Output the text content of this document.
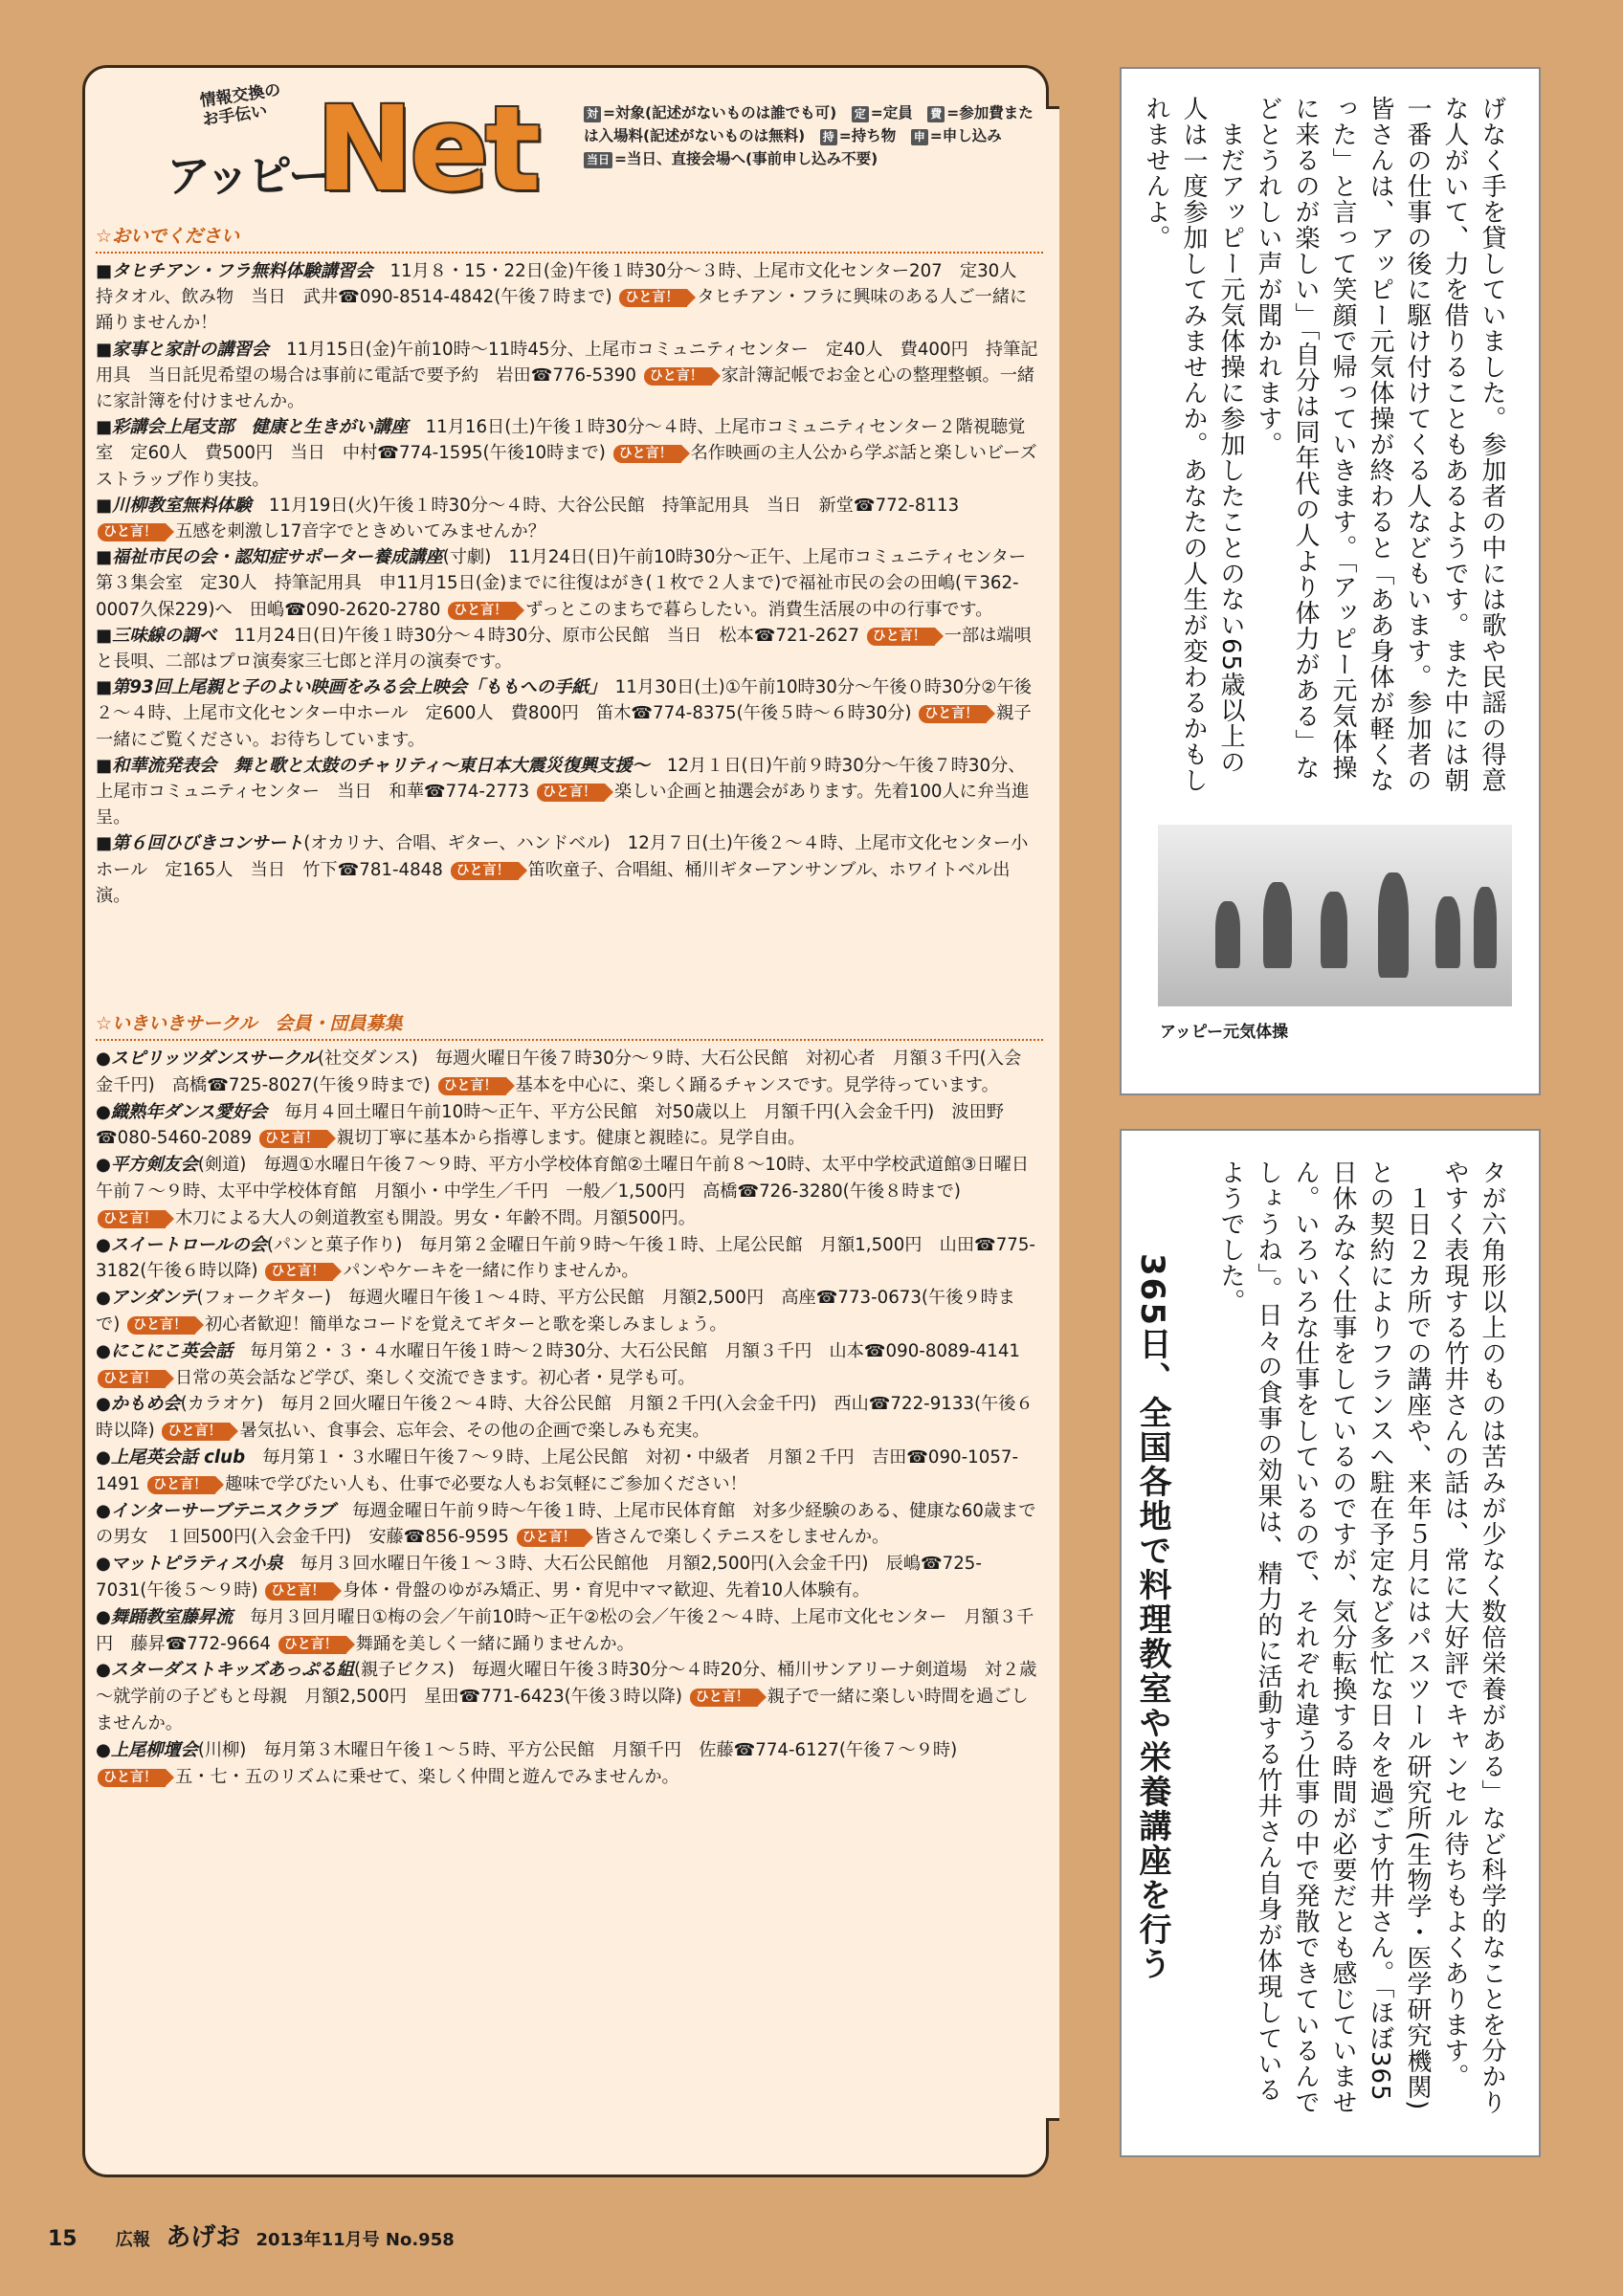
情報交換の
お手伝い
アッピー
Net	対 =対象(記述がないものは誰でも可)　 定 =定員　 費 =参加費または入場料(記述がないものは無料)　 持 =持ち物　 申 =申し込み　当日 =当日、直接会場へ(事前申し込み不要)　
☆おいでください

■タヒチアン・フラ無料体験講習会　11月８・15・22日(金)午後１時30分～３時、上尾市文化センター207　定30人　持タオル、飲み物　当日　武井☎090-8514-4842(午後７時まで) ひと言！ タヒチアン・フラに興味のある人ご一緒に踊りませんか！

■家事と家計の講習会　11月15日(金)午前10時～11時45分、上尾市コミュニティセンター　定40人　費400円　持筆記用具　当日託児希望の場合は事前に電話で要予約　岩田☎776-5390 ひと言！ 家計簿記帳でお金と心の整理整頓。一緒に家計簿を付けませんか。

■彩講会上尾支部　健康と生きがい講座　11月16日(土)午後１時30分～４時、上尾市コミュニティセンター２階視聴覚室　定60人　費500円　当日　中村☎774-1595(午後10時まで) ひと言！ 名作映画の主人公から学ぶ話と楽しいビーズストラップ作り実技。

■川柳教室無料体験　11月19日(火)午後１時30分～４時、大谷公民館　持筆記用具　当日　新堂☎772-8113 ひと言！ 五感を刺激し17音字でときめいてみませんか？

■福祉市民の会・認知症サポーター養成講座(寸劇)　11月24日(日)午前10時30分～正午、上尾市コミュニティセンター第３集会室　定30人　持筆記用具　申11月15日(金)までに往復はがき(１枚で２人まで)で福祉市民の会の田嶋(〒362-0007久保229)へ　田嶋☎090-2620-2780 ひと言！ ずっとこのまちで暮らしたい。消費生活展の中の行事です。

■三味線の調べ　11月24日(日)午後１時30分～４時30分、原市公民館　当日　松本☎721-2627 ひと言！ 一部は端唄と長唄、二部はプロ演奏家三七郎と洋月の演奏です。

■第93回上尾親と子のよい映画をみる会上映会「ももへの手紙」　11月30日(土)①午前10時30分～午後０時30分②午後２～４時、上尾市文化センター中ホール　定600人　費800円　笛木☎774-8375(午後５時～６時30分) ひと言！ 親子一緒にご覧ください。お待ちしています。

■和華流発表会　舞と歌と太鼓のチャリティ～東日本大震災復興支援～　12月１日(日)午前９時30分～午後７時30分、上尾市コミュニティセンター　当日　和華☎774-2773 ひと言！ 楽しい企画と抽選会があります。先着100人に弁当進呈。

■第６回ひびきコンサート(オカリナ、合唱、ギター、ハンドベル)　12月７日(土)午後２～４時、上尾市文化センター小ホール　定165人　当日　竹下☎781-4848 ひと言！ 笛吹童子、合唱組、桶川ギターアンサンブル、ホワイトベル出演。

☆いきいきサークル　会員・団員募集

●スピリッツダンスサークル(社交ダンス)　毎週火曜日午後７時30分～９時、大石公民館　対初心者　月額３千円(入会金千円)　高橋☎725-8027(午後９時まで) ひと言！ 基本を中心に、楽しく踊るチャンスです。見学待っています。

●織熟年ダンス愛好会　毎月４回土曜日午前10時～正午、平方公民館　対50歳以上　月額千円(入会金千円)　波田野☎080-5460-2089 ひと言！ 親切丁寧に基本から指導します。健康と親睦に。見学自由。

●平方剣友会(剣道)　毎週①水曜日午後７～９時、平方小学校体育館②土曜日午前８～10時、太平中学校武道館③日曜日午前７～９時、太平中学校体育館　月額小・中学生／千円　一般／1,500円　高橋☎726-3280(午後８時まで) ひと言！ 木刀による大人の剣道教室も開設。男女・年齢不問。月額500円。

●スイートロールの会(パンと菓子作り)　毎月第２金曜日午前９時～午後１時、上尾公民館　月額1,500円　山田☎775-3182(午後６時以降) ひと言！ パンやケーキを一緒に作りませんか。

●アンダンテ(フォークギター)　毎週火曜日午後１～４時、平方公民館　月額2,500円　高座☎773-0673(午後９時まで) ひと言！ 初心者歓迎！簡単なコードを覚えてギターと歌を楽しみましょう。

●にこにこ英会話　毎月第２・３・４水曜日午後１時～２時30分、大石公民館　月額３千円　山本☎090-8089-4141 ひと言！ 日常の英会話など学び、楽しく交流できます。初心者・見学も可。

●かもめ会(カラオケ)　毎月２回火曜日午後２～４時、大谷公民館　月額２千円(入会金千円)　西山☎722-9133(午後６時以降) ひと言！ 暑気払い、食事会、忘年会、その他の企画で楽しみも充実。

●上尾英会話 club　毎月第１・３水曜日午後７～９時、上尾公民館　対初・中級者　月額２千円　吉田☎090-1057-1491 ひと言！ 趣味で学びたい人も、仕事で必要な人もお気軽にご参加ください！

●インターサーブテニスクラブ　毎週金曜日午前９時～午後１時、上尾市民体育館　対多少経験のある、健康な60歳までの男女　１回500円(入会金千円)　安藤☎856-9595 ひと言！ 皆さんで楽しくテニスをしませんか。

●マットピラティス小泉　毎月３回水曜日午後１～３時、大石公民館他　月額2,500円(入会金千円)　辰嶋☎725-7031(午後５～９時) ひと言！ 身体・骨盤のゆがみ矯正、男・育児中ママ歓迎、先着10人体験有。

●舞踊教室藤昇流　毎月３回月曜日①梅の会／午前10時～正午②松の会／午後２～４時、上尾市文化センター　月額３千円　藤昇☎772-9664 ひと言！ 舞踊を美しく一緒に踊りませんか。

●スターダストキッズあっぷる組(親子ビクス)　毎週火曜日午後３時30分～４時20分、桶川サンアリーナ剣道場　対２歳～就学前の子どもと母親　月額2,500円　星田☎771-6423(午後３時以降) ひと言！ 親子で一緒に楽しい時間を過ごしませんか。

●上尾柳壇会(川柳)　毎月第３木曜日午後１～５時、平方公民館　月額千円　佐藤☎774-6127(午後７～９時) ひと言！ 五・七・五のリズムに乗せて、楽しく仲間と遊んでみませんか。

げなく手を貸していました。参加者の中には歌や民謡の得意な人がいて、力を借りることもあるようです。また中には朝一番の仕事の後に駆け付けてくる人などもいます。参加者の皆さんは、アッピー元気体操が終わると「ああ身体が軽くなった」と言って笑顔で帰っていきます。「アッピー元気体操に来るのが楽しい」「自分は同年代の人より体力がある」などとうれしい声が聞かれます。
　まだアッピー元気体操に参加したことのない65歳以上の人は一度参加してみませんか。あなたの人生が変わるかもしれませんよ。
アッピー元気体操
タが六角形以上のものは苦みが少なく数倍栄養がある」など科学的なことを分かりやすく表現する竹井さんの話は、常に大好評でキャンセル待ちもよくあります。
　１日２カ所での講座や、来年５月にはパスツール研究所(生物学・医学研究機関)との契約によりフランスへ駐在予定など多忙な日々を過ごす竹井さん。「ほぼ365日休みなく仕事をしているのですが、気分転換する時間が必要だとも感じていません。いろいろな仕事をしているので、それぞれ違う仕事の中で発散できているんでしょうね」。日々の食事の効果は、精力的に活動する竹井さん自身が体現しているようでした。
365日、全国各地で料理教室や栄養講座を行う
15 広報 あげお 2013年11月号 No.958
